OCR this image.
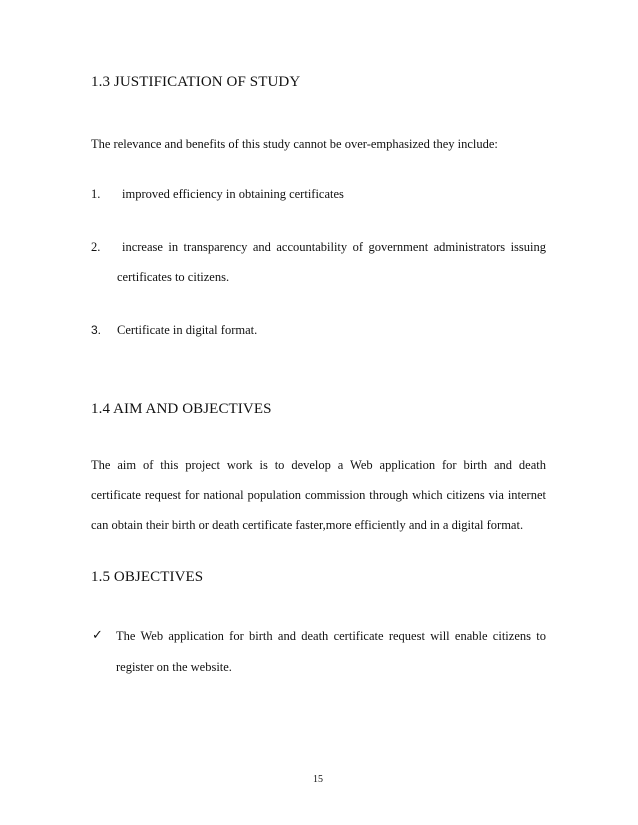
1.3 JUSTIFICATION OF STUDY
The relevance and benefits of this study cannot be over-emphasized they include:
1. improved efficiency in obtaining certificates
2. increase in transparency and accountability of government administrators issuing
certificates to citizens.
3. Certificate in digital format.
1.4 AIM AND OBJECTIVES
The aim of this project work is to develop a Web application for birth and death
certificate request for national population commission through which citizens via internet
can obtain their birth or death certificate faster,more efficiently and in a digital format.
1.5 OBJECTIVES
✓ The Web application for birth and death certificate request will enable citizens to
register on the website.
15
